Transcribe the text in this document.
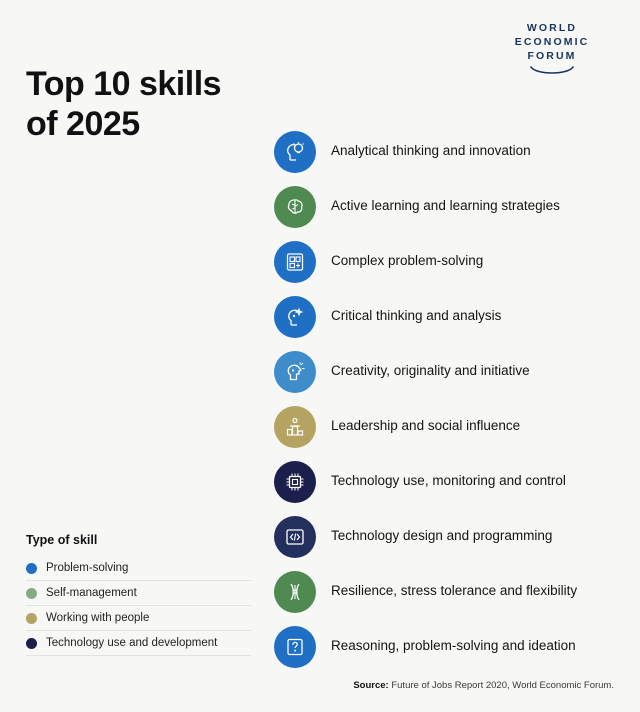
WORLD
ECONOMIC
FORUM
Top 10 skills
of 2025
Type of skill
Problem-solving
Self-management
Working with people
Technology use and development
Analytical thinking and innovation
Active learning and learning strategies
Complex problem-solving
Critical thinking and analysis
Creativity, originality and initiative
Leadership and social influence
Technology use, monitoring and control
Technology design and programming
Resilience, stress tolerance and flexibility
Reasoning, problem-solving and ideation
Source: Future of Jobs Report 2020, World Economic Forum.
